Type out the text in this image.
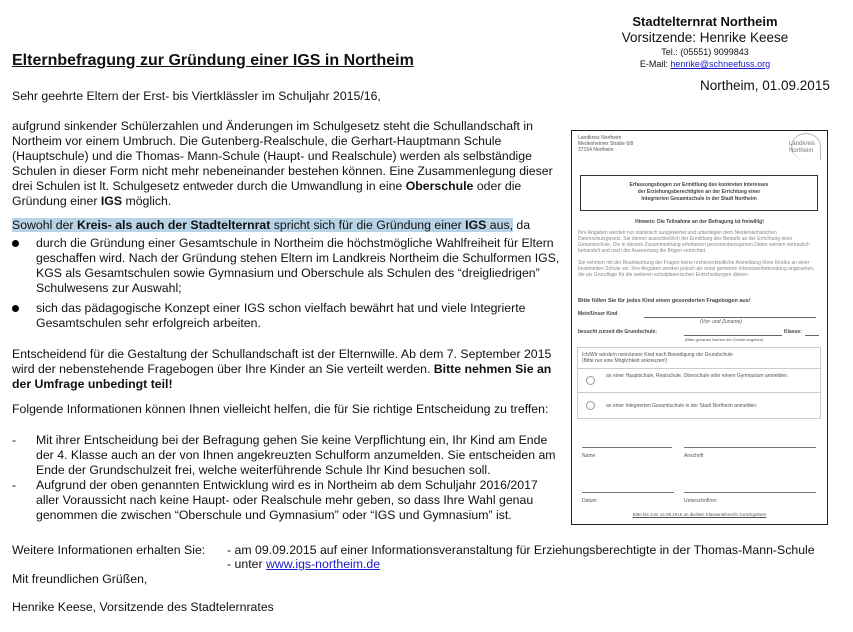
Stadtelternrat Northeim
Vorsitzende: Henrike Keese
Tel.: (05551) 9099843
E-Mail: henrike@schneefuss.org
Northeim, 01.09.2015
Elternbefragung zur Gründung einer IGS in Northeim
Sehr geehrte Eltern der Erst- bis Viertklässler im Schuljahr 2015/16,
aufgrund sinkender Schülerzahlen und Änderungen im Schulgesetz steht die Schullandschaft in Northeim vor einem Umbruch. Die Gutenberg-Realschule, die Gerhart-Hauptmann Schule (Hauptschule) und die Thomas- Mann-Schule (Haupt- und Realschule) werden als selbständige Schulen in dieser Form nicht mehr nebeneinander bestehen können. Eine Zusammenlegung dieser drei Schulen ist lt. Schulgesetz entweder durch die Umwandlung in eine Oberschule oder die Gründung einer IGS möglich.
Sowohl der Kreis- als auch der Stadtelternrat spricht sich für die Gründung einer IGS aus, da
durch die Gründung einer Gesamtschule in Northeim die höchstmögliche Wahlfreiheit für Eltern geschaffen wird. Nach der Gründung stehen Eltern im Landkreis Northeim die Schulformen IGS, KGS als Gesamtschulen sowie Gymnasium und Oberschule als Schulen des “dreigliedrigen” Schulwesens zur Auswahl;
sich das pädagogische Konzept einer IGS schon vielfach bewährt hat und viele Integrierte Gesamtschulen sehr erfolgreich arbeiten.
Entscheidend für die Gestaltung der Schullandschaft ist der Elternwille. Ab dem 7. September 2015 wird der nebenstehende Fragebogen über Ihre Kinder an Sie verteilt werden. Bitte nehmen Sie an der Umfrage unbedingt teil!
Folgende Informationen können Ihnen vielleicht helfen, die für Sie richtige Entscheidung zu treffen:
-	Mit ihrer Entscheidung bei der Befragung gehen Sie keine Verpflichtung ein, Ihr Kind am Ende der 4. Klasse auch an der von Ihnen angekreuzten Schulform anzumelden. Sie entscheiden am Ende der Grundschulzeit frei, welche weiterführende Schule Ihr Kind besuchen soll.
-	Aufgrund der oben genannten Entwicklung wird es in Northeim ab dem Schuljahr 2016/2017 aller Voraussicht nach keine Haupt- oder Realschule mehr geben, so dass Ihre Wahl genau genommen die zwischen “Oberschule und Gymnasium” oder “IGS und Gymnasium” ist.
Weitere Informationen erhalten Sie: - am 09.09.2015 auf einer Informationsveranstaltung für Erziehungsberechtigte in der Thomas-Mann-Schule
- unter www.igs-northeim.de
Mit freundlichen Grüßen,
Henrike Keese, Vorsitzende des Stadtelernrates
Landkreis Northeim
Medenheimer Straße 6/8
37154 Northeim
Landkreis
Northeim
Erfassungsbogen zur Ermittlung des konkreten Interesses
der Erziehungsberechtigten an der Errichtung einer
Integrierten Gesamtschule in der Stadt Northeim
Hinweis: Die Teilnahme an der Befragung ist freiwillig!
Ihre Angaben werden nur statistisch ausgewertet und unterliegen dem Niedersächsischen Datenschutzgesetz. Sie dienen ausschließlich der Ermittlung des Bedarfs an der Errichtung einer Gesamtschule. Die in diesem Zusammenhang erhobenen personenbezogenen Daten werden vertraulich behandelt und nach der Auswertung die Bögen vernichtet.
Sie nehmen mit der Beantwortung der Fragen keine rechtsverbindliche Anmeldung Ihres Kindes an einer bestimmten Schule vor. Ihre Angaben werden jedoch als ernst gemeinte Interessenbekundung angesehen, die als Grundlage für die weiteren schulplanerischen Entscheidungen dienen.
Bitte füllen Sie für jedes Kind einen gesonderten Fragebogen aus!
Mein/Unser Kind
(Vor- und Zuname)
besucht zurzeit die Grundschule:
(Bitte genauen Namen der Schule angeben)
Klasse:
Ich/Wir würde/n mein/unser Kind nach Beendigung der Grundschule
(Bitte nur eine Möglichkeit ankreuzen!)
an einer Hauptschule, Realschule, Oberschule oder einem Gymnasium anmelden.
an einer Integrierten Gesamtschule in der Stadt Northeim anmelden.
Name	Anschrift
Datum	Unterschrift/en
Bitte bis zum 14.09.2015 an die/den Klassenlehrer/in zurückgeben!
